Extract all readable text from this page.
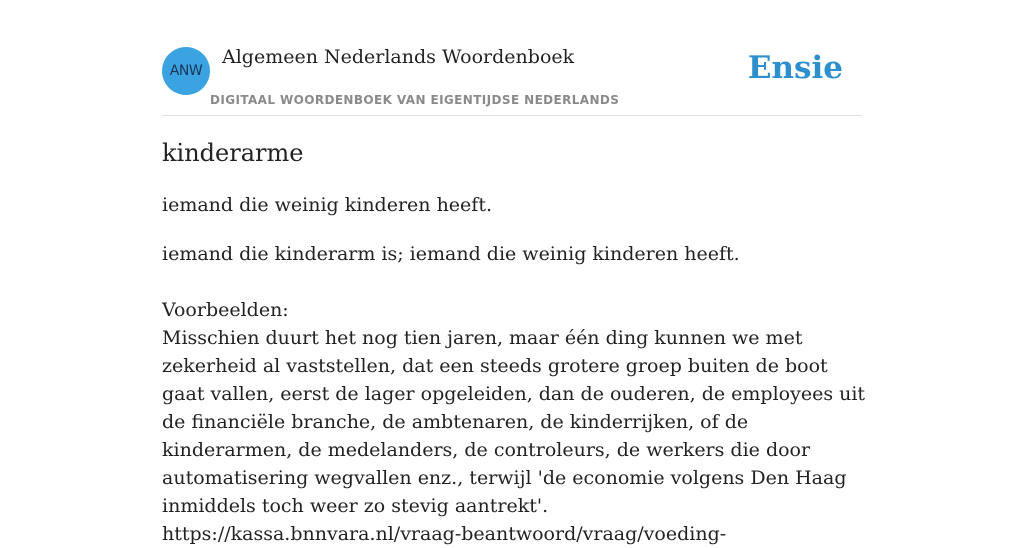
ANW
Algemeen Nederlands Woordenboek
DIGITAAL WOORDENBOEK VAN EIGENTIJDSE NEDERLANDS
Ensie
kinderarme
iemand die weinig kinderen heeft.

iemand die kinderarm is; iemand die weinig kinderen heeft.

Voorbeelden:

Misschien duurt het nog tien jaren, maar één ding kunnen we met zekerheid al vaststellen, dat een steeds grotere groep buiten de boot gaat vallen, eerst de lager opgeleiden, dan de ouderen, de employees uit de financiële branche, de ambtenaren, de kinderrijken, of de kinderarmen, de medelanders, de controleurs, de werkers die door automatisering wegvallen enz., terwijl 'de economie volgens Den Haag inmiddels toch weer zo stevig aantrekt'.

https://kassa.bnnvara.nl/vraag-beantwoord/vraag/voeding-
